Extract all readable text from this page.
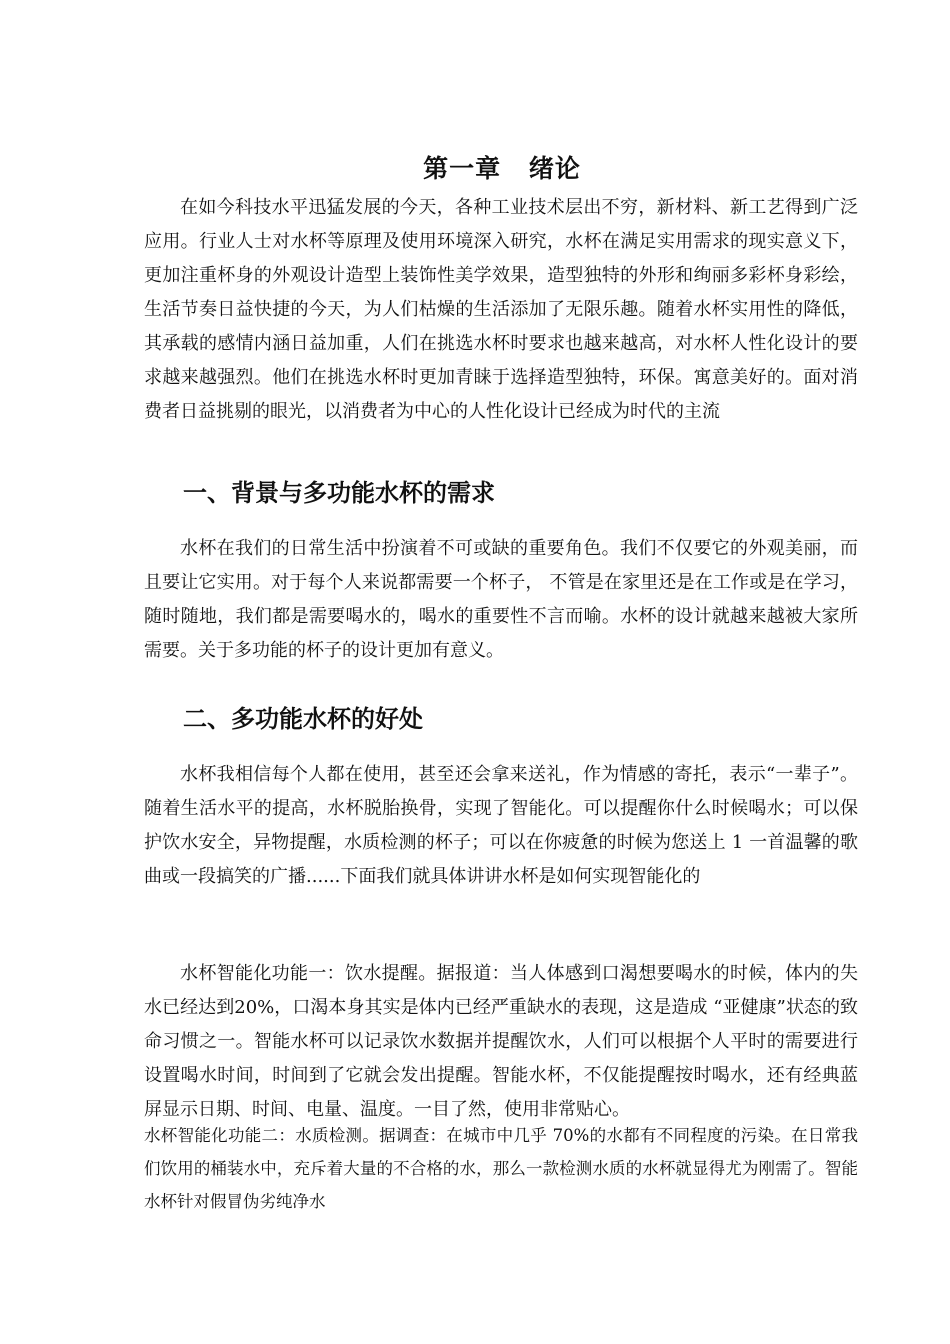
第一章 绪论

在如今科技水平迅猛发展的今天，各种工业技术层出不穷，新材料、新工艺得到广泛应用。行业人士对水杯等原理及使用环境深入研究，水杯在满足实用需求的现实意义下，更加注重杯身的外观设计造型上装饰性美学效果，造型独特的外形和绚丽多彩杯身彩绘，生活节奏日益快捷的今天，为人们枯燥的生活添加了无限乐趣。随着水杯实用性的降低，其承载的感情内涵日益加重，人们在挑选水杯时要求也越来越高，对水杯人性化设计的要求越来越强烈。他们在挑选水杯时更加青睐于选择造型独特，环保。寓意美好的。面对消费者日益挑剔的眼光，以消费者为中心的人性化设计已经成为时代的主流

一、背景与多功能水杯的需求

水杯在我们的日常生活中扮演着不可或缺的重要角色。我们不仅要它的外观美丽，而且要让它实用。对于每个人来说都需要一个杯子， 不管是在家里还是在工作或是在学习，随时随地，我们都是需要喝水的，喝水的重要性不言而喻。水杯的设计就越来越被大家所需要。关于多功能的杯子的设计更加有意义。

二、多功能水杯的好处

水杯我相信每个人都在使用，甚至还会拿来送礼，作为情感的寄托，表示“一辈子”。随着生活水平的提高，水杯脱胎换骨，实现了智能化。可以提醒你什么时候喝水；可以保护饮水安全，异物提醒，水质检测的杯子；可以在你疲惫的时候为您送上 1 一首温馨的歌曲或一段搞笑的广播......下面我们就具体讲讲水杯是如何实现智能化的

水杯智能化功能一：饮水提醒。据报道：当人体感到口渴想要喝水的时候，体内的失水已经达到20%，口渴本身其实是体内已经严重缺水的表现，这是造成 “亚健康”状态的致命习惯之一。智能水杯可以记录饮水数据并提醒饮水，人们可以根据个人平时的需要进行设置喝水时间，时间到了它就会发出提醒。智能水杯，不仅能提醒按时喝水，还有经典蓝屏显示日期、时间、电量、温度。一目了然，使用非常贴心。

水杯智能化功能二：水质检测。据调查：在城市中几乎 70%的水都有不同程度的污染。在日常我们饮用的桶装水中，充斥着大量的不合格的水，那么一款检测水质的水杯就显得尤为刚需了。智能水杯针对假冒伪劣纯净水
